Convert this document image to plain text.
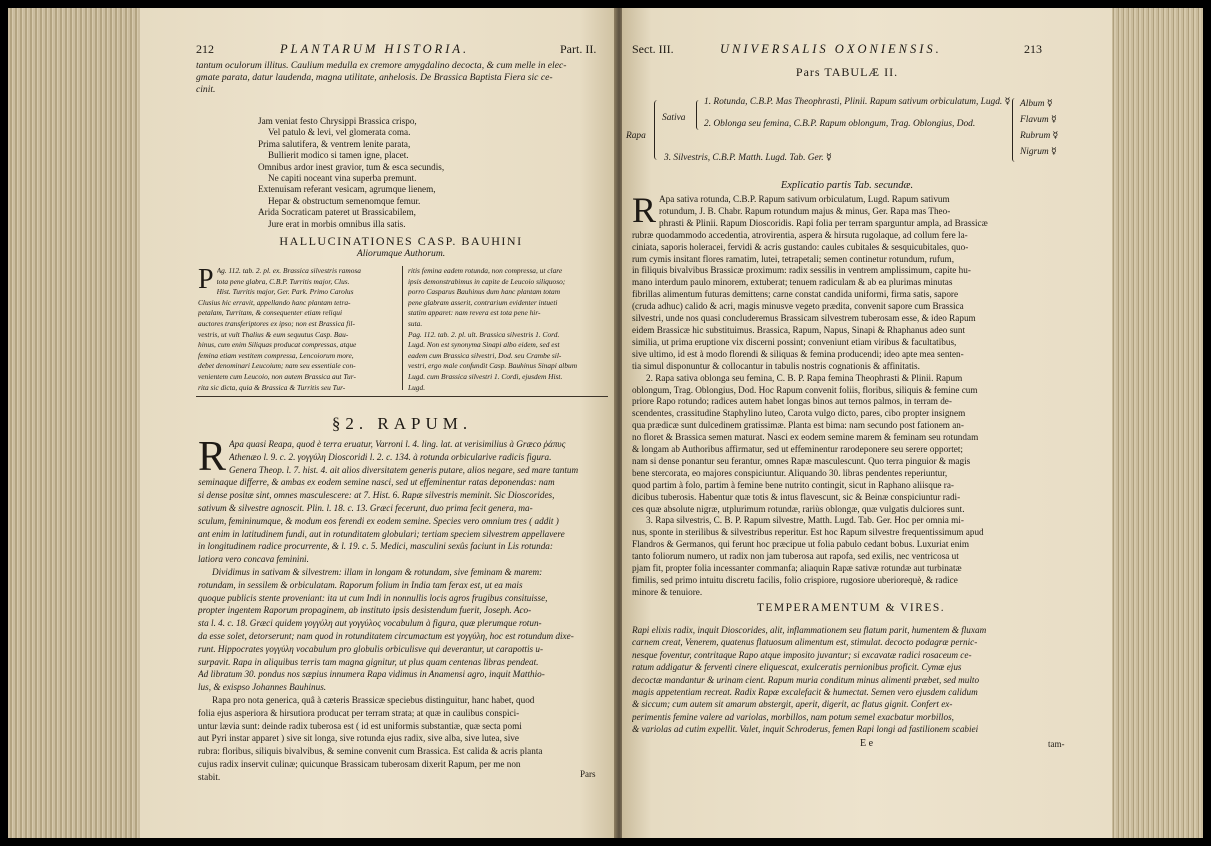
212	PLANTARUM HISTORIA.	Part. II.
tantum oculorum illitus. Caulium medulla ex cremore amygdalino decocta, & cum melle in elec-
gmate parata, datur laudenda, magna utilitate, anhelosis. De Brassica Baptista Fiera sic ce-
cinit.
Jam veniat festo Chrysippi Brassica crispo,
Vel patulo & levi, vel glomerata coma.
Prima salutifera, & ventrem lenite parata,
Bullierit modico si tamen igne, placet.
Omnibus ardor inest gravior, tum & esca secundis,
Ne capiti noceant vina superba premunt.
Extenuisam referant vesicam, agrumque lienem,
Hepar & obstructum semenomque femur.
Arida Socraticam pateret ut Brassicabilem,
Jure erat in morbis omnibus illa satis.
HALLUCINATIONES CASP. BAUHINI
Aliorumque Authorum.
P Ag. 112. tab. 2. pl. ex. Brassica silvestris ramosa
tota pene glabra, C.B.P. Turritis major, Clus.
Hist. Turritis major, Ger. Park. Primo Carolus
Clusius hic erravit, appellando hanc plantam tetra-
petalam, Turritam, & consequenter etiam reliqui
auctores transferiptores ex ipso; non est Brassica fil-
vestris, ut vult Thalius & eum sequutus Casp. Bau-
hinus, cum enim Siliquas producat compressas, atque
femina etiam vestitem compressa, Lencoiorum more,
debet denominari Leucoium; nam seu essentiale con-
venientem cum Leucoio, non autem Brassica aut Tur-
rita sic dicta, quia & Brassica & Turritis seu Tur-
ritis femina eadem rotunda, non compressa, ut clare
ipsis demonstrabimus in capite de Leucoio siliquoso;
porro Casparus Bauhinus dum hanc plantam totam
pene glabram asserit, contrarium evidenter intueti
statim apparet: nam revera est tota pene hir-
suta.
Pag. 112. tab. 2. pl. ult. Brassica silvestris 1. Cord.
Lugd. Non est synonyma Sinapi albo eidem, sed est
eadem cum Brassica silvestri, Dod. seu Crambe sil-
vestri, ergo male confundit Casp. Bauhinus Sinapi album
Lugd. cum Brassica silvestri 1. Cordi, ejusdem Hist.
Lugd.
§2. RAPUM.
R Apa quasi Reapa, quod è terra eruatur, Varroni l. 4. ling. lat. at verisimilius à Græco ῥάπυς
Athenæo l. 9. c. 2. γογγύλη Dioscoridi l. 2. c. 134. à rotunda orbicularive radicis figura.
Genera Theop. l. 7. hist. 4. ait alios diversitatem generis putare, alios negare, sed mare tantum
seminaque differre, & ambas ex eodem semine nasci, sed ut effeminentur ratas deponendas: nam
si dense positæ sint, omnes masculescere: at 7. Hist. 6. Rapæ silvestris meminit. Sic Dioscorides,
sativum & silvestre agnoscit. Plin. l. 18. c. 13. Græci fecerunt, duo prima fecit genera, ma-
sculum, femininumque, & modum eos ferendi ex eodem semine. Species vero omnium tres ( addit )
ant enim in latitudinem fundi, aut in rotunditatem globulari; tertiam speciem silvestrem appellavere
in longitudinem radice procurrente, & l. 19. c. 5. Medici, masculini sexûs faciunt in Lis rotunda:
latiora vero concava feminini.
Dividimus in sativam & silvestrem: illam in longam & rotundam, sive feminam & marem:
rotundam, in sessilem & orbiculatam. Raporum folium in India tam ferax est, ut ea mais
quoque publicis stente proveniant: ita ut cum Indi in nonnullis locis agros frugibus consituisse,
propter ingentem Raporum propaginem, ab instituto ipsis desistendum fuerit, Joseph. Aco-
sta l. 4. c. 18. Græci quidem γογγύλη aut γογγύλος vocabulum à figura, quæ plerumque rotun-
da esse solet, detorserunt; nam quod in rotunditatem circumactum est γογγύλη, hoc est rotundum dixe-
runt. Hippocrates γογγύλη vocabulum pro globulis orbiculisve qui deverantur, ut carapottis u-
surpavit. Rapa in aliquibus terris tam magna gignitur, ut plus quam centenas libras pendeat.
Ad libratum 30. pondus nos sæpius innumera Rapa vidimus in Anamensi agro, inquit Matthio-
lus, & exispso Johannes Bauhinus.
Rapa pro nota generica, quâ à cæteris Brassicæ speciebus distinguitur, hanc habet, quod
folia ejus asperiora & hirsutiora producat per terram strata; at quæ in caulibus conspici-
untur lævia sunt: deinde radix tuberosa est ( id est uniformis substantiæ, quæ secta pomi
aut Pyri instar apparet ) sive sit longa, sive rotunda ejus radix, sive alba, sive lutea, sive
rubra: floribus, siliquis bivalvibus, & semine convenit cum Brassica. Est calida & acris planta
cujus radix inservit culinæ; quicunque Brassicam tuberosam dixerit Rapum, per me non
stabit.	Pars
Sect. III.	UNIVERSALIS OXONIENSIS.	213
Pars TABULÆ II.
Rapa
Sativa
1. Rotunda, C.B.P. Mas Theophrasti, Plinii. Rapum sativum orbiculatum, Lugd. ☿
2. Oblonga seu femina, C.B.P. Rapum oblongum, Trag. Oblongius, Dod.
3. Silvestris, C.B.P. Matth. Lugd. Tab. Ger. ☿
Album ☿
Flavum ☿
Rubrum ☿
Nigrum ☿
Explicatio partis Tab. secundæ.
R Apa sativa rotunda, C.B.P. Rapum sativum orbiculatum, Lugd. Rapum sativum
rotundum, J. B. Chabr. Rapum rotundum majus & minus, Ger. Rapa mas Theo-
phrasti & Plinii. Rapum Dioscoridis. Rapi folia per terram sparguntur ampla, ad Brassicæ
rubræ quodammodo accedentia, atrovirentia, aspera & hirsuta rugolaque, ad collum fere la-
ciniata, saporis holeracei, fervidi & acris gustando: caules cubitales & sesquicubitales, quo-
rum cymis insitant flores ramatim, lutei, tetrapetali; semen continetur rotundum, rufum,
in filiquis bivalvibus Brassicæ proximum: radix sessilis in ventrem amplissimum, capite hu-
mano interdum paulo minorem, extuberat; tenuem radiculam & ab ea plurimas minutas
fibrillas alimentum futuras demittens; carne constat candida uniformi, firma satis, sapore
(cruda adhuc) calido & acri, magis minusve vegeto prædita, convenit sapore cum Brassica
silvestri, unde nos quasi concluderemus Brassicam silvestrem tuberosam esse, & ideo Rapum
eidem Brassicæ hic substituimus. Brassica, Rapum, Napus, Sinapi & Rhaphanus adeo sunt
similia, ut prima eruptione vix discerni possint; conveniunt etiam viribus & facultatibus,
sive ultimo, id est à modo florendi & siliquas & femina producendi; ideo apte mea senten-
tia simul disponuntur & collocantur in tabulis nostris cognationis & affinitatis.
2. Rapa sativa oblonga seu femina, C. B. P. Rapa femina Theophrasti & Plinii. Rapum
oblongum, Trag. Oblongius, Dod. Hoc Rapum convenit foliis, floribus, siliquis & femine cum
priore Rapo rotundo; radices autem habet longas binos aut ternos palmos, in terram de-
scendentes, crassitudine Staphylino luteo, Carota vulgo dicto, pares, cibo propter insignem
qua prædicæ sunt dulcedinem gratissimæ. Planta est bima: nam secundo post fationem an-
no floret & Brassica semen maturat. Nasci ex eodem semine marem & feminam seu rotundam
& longam ab Authoribus affirmatur, sed ut effeminentur rarodeponere seu serere opportet;
nam si dense ponantur seu ferantur, omnes Rapæ masculescunt. Quo terra pinguior & magis
bene stercorata, eo majores conspiciuntur. Aliquando 30. libras pendentes reperiuntur,
quod partim à folo, partim à femine bene nutrito contingit, sicut in Raphano aliisque ra-
dicibus tuberosis. Habentur quæ totis & intus flavescunt, sic & Beinæ conspiciuntur radi-
ces quæ absolute nigræ, utplurimum rotundæ, rariùs oblongæ, quæ vulgatis dulciores sunt.
3. Rapa silvestris, C. B. P. Rapum silvestre, Matth. Lugd. Tab. Ger. Hoc per omnia mi-
nus, sponte in sterilibus & silvestribus reperitur. Est hoc Rapum silvestre frequentissimum apud
Flandros & Germanos, qui ferunt hoc præcipue ut folia pabulo cedant bobus. Luxuriat enim
tanto foliorum numero, ut radix non jam tuberosa aut rapofa, sed exilis, nec ventricosa ut
pjam fit, propter folia incessanter commanfa; aliaquin Rapæ sativæ rotundæ aut turbinatæ
fimilis, sed primo intuitu discretu facilis, folio crispiore, rugosiore uberiorequè, & radice
minore & tenuiore.
TEMPERAMENTUM & VIRES.
Rapi elixis radix, inquit Dioscorides, alit, inflammationem seu flatum parit, humentem & fluxam
carnem creat, Venerem, quatenus flatuosum alimentum est, stimulat. decocto podagræ pernic-
nesque foventur, contritaque Rapo atque imposito juvantur; si excavatæ radici rosaceum ce-
ratum addigatur & ferventi cinere eliquescat, exulceratis pernionibus proficit. Cymæ ejus
decoctæ mandantur & urinam cient. Rapum muria conditum minus alimenti præbet, sed multo
magis appetentiam recreat. Radix Rapæ excalefacit & humectat. Semen vero ejusdem calidum
& siccum; cum autem sit amarum abstergit, aperit, digerit, ac flatus gignit. Confert ex-
perimentis femine valere ad variolas, morbillos, nam potum semel exacbatur morbillos,
& variolas ad cutim expellit. Valet, inquit Schroderus, femen Rapi longi ad fastilionem scabiei
E e	tam-
